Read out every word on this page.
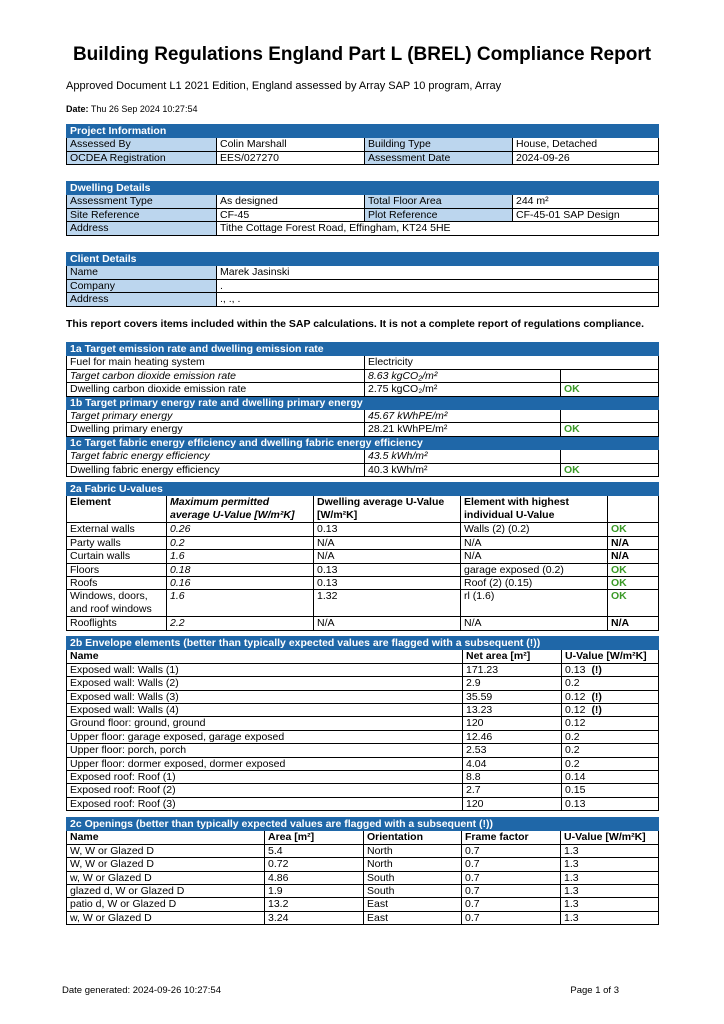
Building Regulations England Part L (BREL) Compliance Report
Approved Document L1 2021 Edition, England assessed by Array SAP 10 program, Array
Date: Thu 26 Sep 2024 10:27:54
Project Information			
Assessed By	Colin Marshall	Building Type	House, Detached
OCDEA Registration	EES/027270	Assessment Date	2024-09-26
Dwelling Details			
Assessment Type	As designed	Total Floor Area	244 m²
Site Reference	CF-45	Plot Reference	CF-45-01 SAP Design
Address	Tithe Cottage Forest Road, Effingham, KT24 5HE		
Client Details	
Name	Marek Jasinski
Company	.
Address	., ., .
This report covers items included within the SAP calculations. It is not a complete report of regulations compliance.
1a Target emission rate and dwelling emission rate		
Fuel for main heating system	Electricity	
Target carbon dioxide emission rate	8.63 kgCO₂/m²	
Dwelling carbon dioxide emission rate	2.75 kgCO₂/m²	OK
1b Target primary energy rate and dwelling primary energy		
Target primary energy	45.67 kWhPE/m²	
Dwelling primary energy	28.21 kWhPE/m²	OK
1c Target fabric energy efficiency and dwelling fabric energy efficiency		
Target fabric energy efficiency	43.5 kWh/m²	
Dwelling fabric energy efficiency	40.3 kWh/m²	OK
2a Fabric U-values				
Element	Maximum permitted average U-Value [W/m²K]	Dwelling average U-Value [W/m²K]	Element with highest individual U-Value	
External walls	0.26	0.13	Walls (2) (0.2)	OK
Party walls	0.2	N/A	N/A	N/A
Curtain walls	1.6	N/A	N/A	N/A
Floors	0.18	0.13	garage exposed (0.2)	OK
Roofs	0.16	0.13	Roof (2) (0.15)	OK
Windows, doors, and roof windows	1.6	1.32	rl (1.6)	OK
Rooflights	2.2	N/A	N/A	N/A
2b Envelope elements (better than typically expected values are flagged with a subsequent (!))		
Name	Net area [m²]	U-Value [W/m²K]
Exposed wall: Walls (1)	171.23	0.13 (!)
Exposed wall: Walls (2)	2.9	0.2
Exposed wall: Walls (3)	35.59	0.12 (!)
Exposed wall: Walls (4)	13.23	0.12 (!)
Ground floor: ground, ground	120	0.12
Upper floor: garage exposed, garage exposed	12.46	0.2
Upper floor: porch, porch	2.53	0.2
Upper floor: dormer exposed, dormer exposed	4.04	0.2
Exposed roof: Roof (1)	8.8	0.14
Exposed roof: Roof (2)	2.7	0.15
Exposed roof: Roof (3)	120	0.13
2c Openings (better than typically expected values are flagged with a subsequent (!))				
Name	Area [m²]	Orientation	Frame factor	U-Value [W/m²K]
W, W or Glazed D	5.4	North	0.7	1.3
W, W or Glazed D	0.72	North	0.7	1.3
w, W or Glazed D	4.86	South	0.7	1.3
glazed d, W or Glazed D	1.9	South	0.7	1.3
patio d, W or Glazed D	13.2	East	0.7	1.3
w, W or Glazed D	3.24	East	0.7	1.3
Date generated: 2024-09-26 10:27:54	Page 1 of 3
